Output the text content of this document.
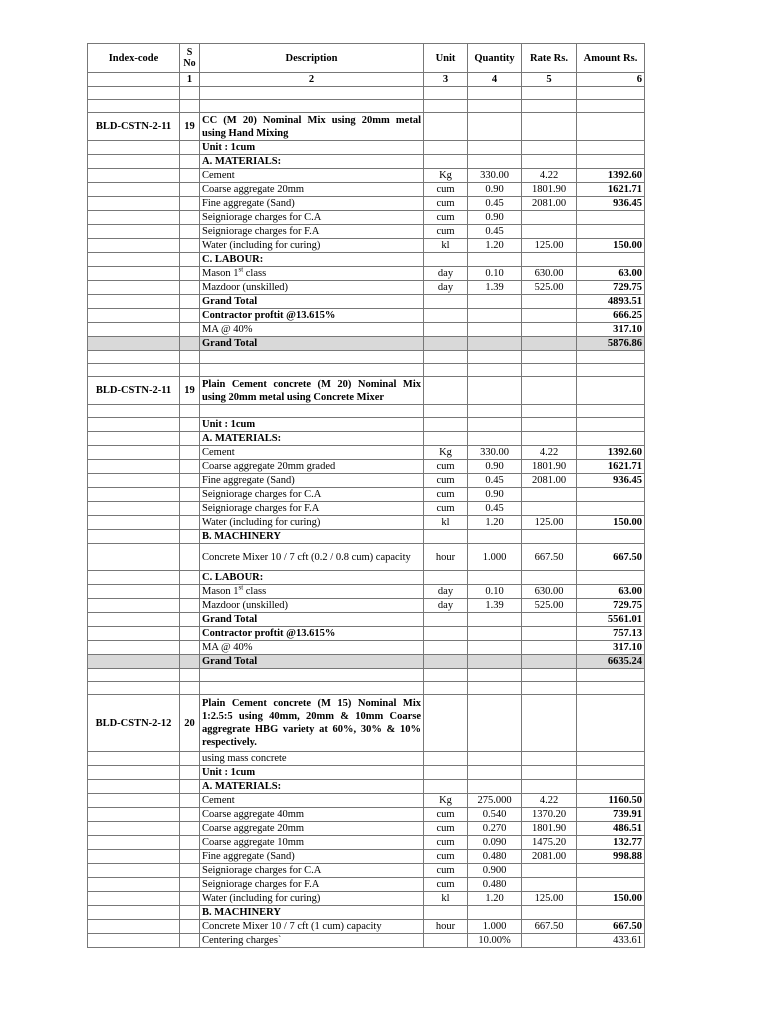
Index-code	S No	Description	Unit	Quantity	Rate Rs.	Amount Rs.
	1	2	3	4	5	6

BLD-CSTN-2-11	19	CC (M 20) Nominal Mix using 20mm metal using Hand Mixing				
		Unit : 1cum				
		A. MATERIALS:				
		Cement	Kg	330.00	4.22	1392.60
		Coarse aggregate 20mm	cum	0.90	1801.90	1621.71
		Fine aggregate (Sand)	cum	0.45	2081.00	936.45
		Seigniorage charges for C.A	cum	0.90		
		Seigniorage charges for F.A	cum	0.45		
		Water (including for curing)	kl	1.20	125.00	150.00
		C. LABOUR:				
		Mason 1st class	day	0.10	630.00	63.00
		Mazdoor (unskilled)	day	1.39	525.00	729.75
		Grand Total				4893.51
		Contractor proftit @13.615%				666.25
		MA @ 40%				317.10
		Grand Total				5876.86

BLD-CSTN-2-11	19	Plain Cement concrete (M 20) Nominal Mix using 20mm metal using Concrete Mixer				

		Unit : 1cum				
		A. MATERIALS:				
		Cement	Kg	330.00	4.22	1392.60
		Coarse aggregate 20mm graded	cum	0.90	1801.90	1621.71
		Fine aggregate (Sand)	cum	0.45	2081.00	936.45
		Seigniorage charges for C.A	cum	0.90		
		Seigniorage charges for F.A	cum	0.45		
		Water (including for curing)	kl	1.20	125.00	150.00
		B. MACHINERY				
		Concrete Mixer 10 / 7 cft (0.2 / 0.8 cum) capacity	hour	1.000	667.50	667.50
		C. LABOUR:				
		Mason 1st class	day	0.10	630.00	63.00
		Mazdoor (unskilled)	day	1.39	525.00	729.75
		Grand Total				5561.01
		Contractor proftit @13.615%				757.13
		MA @ 40%				317.10
		Grand Total				6635.24

BLD-CSTN-2-12	20	Plain Cement concrete (M 15) Nominal Mix 1:2.5:5 using 40mm, 20mm & 10mm Coarse aggregrate HBG variety at 60%, 30% & 10% respectively.				
		using mass concrete				
		Unit : 1cum				
		A. MATERIALS:				
		Cement	Kg	275.000	4.22	1160.50
		Coarse aggregate 40mm	cum	0.540	1370.20	739.91
		Coarse aggregate 20mm	cum	0.270	1801.90	486.51
		Coarse aggregate 10mm	cum	0.090	1475.20	132.77
		Fine aggregate (Sand)	cum	0.480	2081.00	998.88
		Seigniorage charges for C.A	cum	0.900		
		Seigniorage charges for F.A	cum	0.480		
		Water (including for curing)	kl	1.20	125.00	150.00
		B. MACHINERY				
		Concrete Mixer 10 / 7 cft (1 cum) capacity	hour	1.000	667.50	667.50
		Centering charges`		10.00%		433.61
